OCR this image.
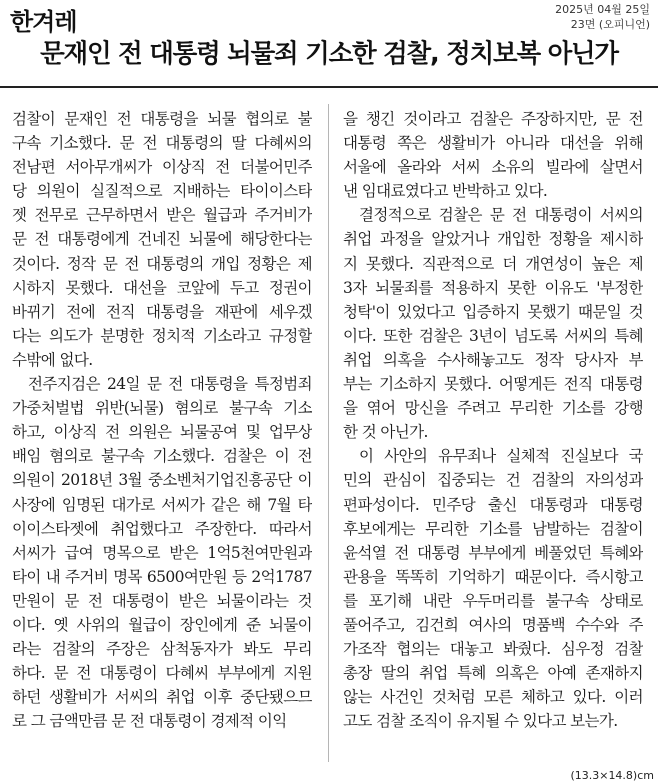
한겨레	2025년 04월 25일
23면 (오피니언)
문재인 전 대통령 뇌물죄 기소한 검찰, 정치보복 아닌가
검찰이 문재인 전 대통령을 뇌물 협의로 불
구속 기소했다. 문 전 대통령의 딸 다혜씨의
전남편 서아무개씨가 이상직 전 더불어민주
당 의원이 실질적으로 지배하는 타이이스타
젯 전무로 근무하면서 받은 월급과 주거비가
문 전 대통령에게 건네진 뇌물에 해당한다는
것이다. 정작 문 전 대통령의 개입 정황은 제
시하지 못했다. 대선을 코앞에 두고 정권이
바뀌기 전에 전직 대통령을 재판에 세우겠
다는 의도가 분명한 정치적 기소라고 규정할
수밖에 없다.
전주지검은 24일 문 전 대통령을 특정범죄
가중처벌법 위반(뇌물) 혐의로 불구속 기소
하고, 이상직 전 의원은 뇌물공여 및 업무상
배임 혐의로 불구속 기소했다. 검찰은 이 전
의원이 2018년 3월 중소벤처기업진흥공단 이
사장에 임명된 대가로 서씨가 같은 해 7월 타
이이스타젯에 취업했다고 주장한다. 따라서
서씨가 급여 명목으로 받은 1억5천여만원과
타이 내 주거비 명목 6500여만원 등 2억1787
만원이 문 전 대통령이 받은 뇌물이라는 것
이다. 옛 사위의 월급이 장인에게 준 뇌물이
라는 검찰의 주장은 삼척동자가 봐도 무리
하다. 문 전 대통령이 다혜씨 부부에게 지원
하던 생활비가 서씨의 취업 이후 중단됐으므
로 그 금액만큼 문 전 대통령이 경제적 이익
을 챙긴 것이라고 검찰은 주장하지만, 문 전
대통령 쪽은 생활비가 아니라 대선을 위해
서울에 올라와 서씨 소유의 빌라에 살면서
낸 임대료였다고 반박하고 있다.
결정적으로 검찰은 문 전 대통령이 서씨의
취업 과정을 알았거나 개입한 정황을 제시하
지 못했다. 직관적으로 더 개연성이 높은 제
3자 뇌물죄를 적용하지 못한 이유도 '부정한
청탁'이 있었다고 입증하지 못했기 때문일 것
이다. 또한 검찰은 3년이 넘도록 서씨의 특혜
취업 의혹을 수사해놓고도 정작 당사자 부
부는 기소하지 못했다. 어떻게든 전직 대통령
을 엮어 망신을 주려고 무리한 기소를 강행
한 것 아닌가.
이 사안의 유무죄나 실체적 진실보다 국
민의 관심이 집중되는 건 검찰의 자의성과
편파성이다. 민주당 출신 대통령과 대통령
후보에게는 무리한 기소를 남발하는 검찰이
윤석열 전 대통령 부부에게 베풀었던 특혜와
관용을 똑똑히 기억하기 때문이다. 즉시항고
를 포기해 내란 우두머리를 불구속 상태로
풀어주고, 김건희 여사의 명품백 수수와 주
가조작 협의는 대놓고 봐줬다. 심우정 검찰
총장 딸의 취업 특혜 의혹은 아예 존재하지
않는 사건인 것처럼 모른 체하고 있다. 이러
고도 검찰 조직이 유지될 수 있다고 보는가.
(13.3×14.8)cm
